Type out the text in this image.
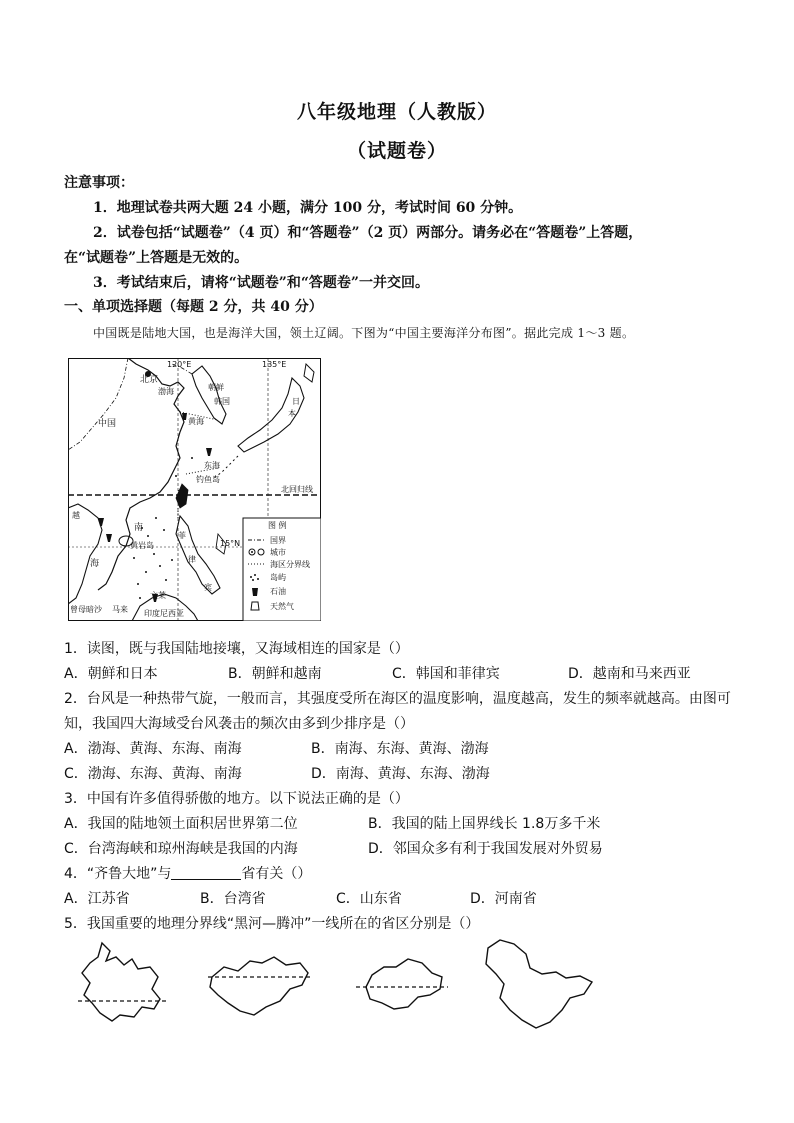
八年级地理（人教版）
（试题卷）
注意事项：
1．地理试卷共两大题 24 小题，满分 100 分，考试时间 60 分钟。
2．试卷包括“试题卷”（4 页）和“答题卷”（2 页）两部分。请务必在“答题卷”上答题，
在“试题卷”上答题是无效的。
3．考试结束后，请将“试题卷”和“答题卷”一并交回。
一、单项选择题（每题 2 分，共 40 分）
中国既是陆地大国，也是海洋大国，领土辽阔。下图为“中国主要海洋分布图”。据此完成 1～3 题。
120°E	135°E
北回归线
15°N
北京
中国
渤海	朝鲜
韩国
黄海
日
本
东海
钓鱼岛
越
南
黄岩岛
海
菲
律
宾
文莱
曾母暗沙 马来 印度尼西亚
图 例
国界
城市
海区分界线
岛屿
石油
天然气
1．读图，既与我国陆地接壤，又海域相连的国家是（）
A．朝鲜和日本	B．朝鲜和越南	C．韩国和菲律宾	D．越南和马来西亚
2．台风是一种热带气旋，一般而言，其强度受所在海区的温度影响，温度越高，发生的频率就越高。由图可
知，我国四大海域受台风袭击的频次由多到少排序是（）
A．渤海、黄海、东海、南海	B．南海、东海、黄海、渤海
C．渤海、东海、黄海、南海	D．南海、黄海、东海、渤海
3．中国有许多值得骄傲的地方。以下说法正确的是（）
A．我国的陆地领土面积居世界第二位	B．我国的陆上国界线长 1.8万多千米
C．台湾海峡和琼州海峡是我国的内海	D．邻国众多有利于我国发展对外贸易
4．“齐鲁大地”与	省有关（）
A．江苏省	B．台湾省	C．山东省	D．河南省
5．我国重要的地理分界线“黑河—腾冲”一线所在的省区分别是（）
